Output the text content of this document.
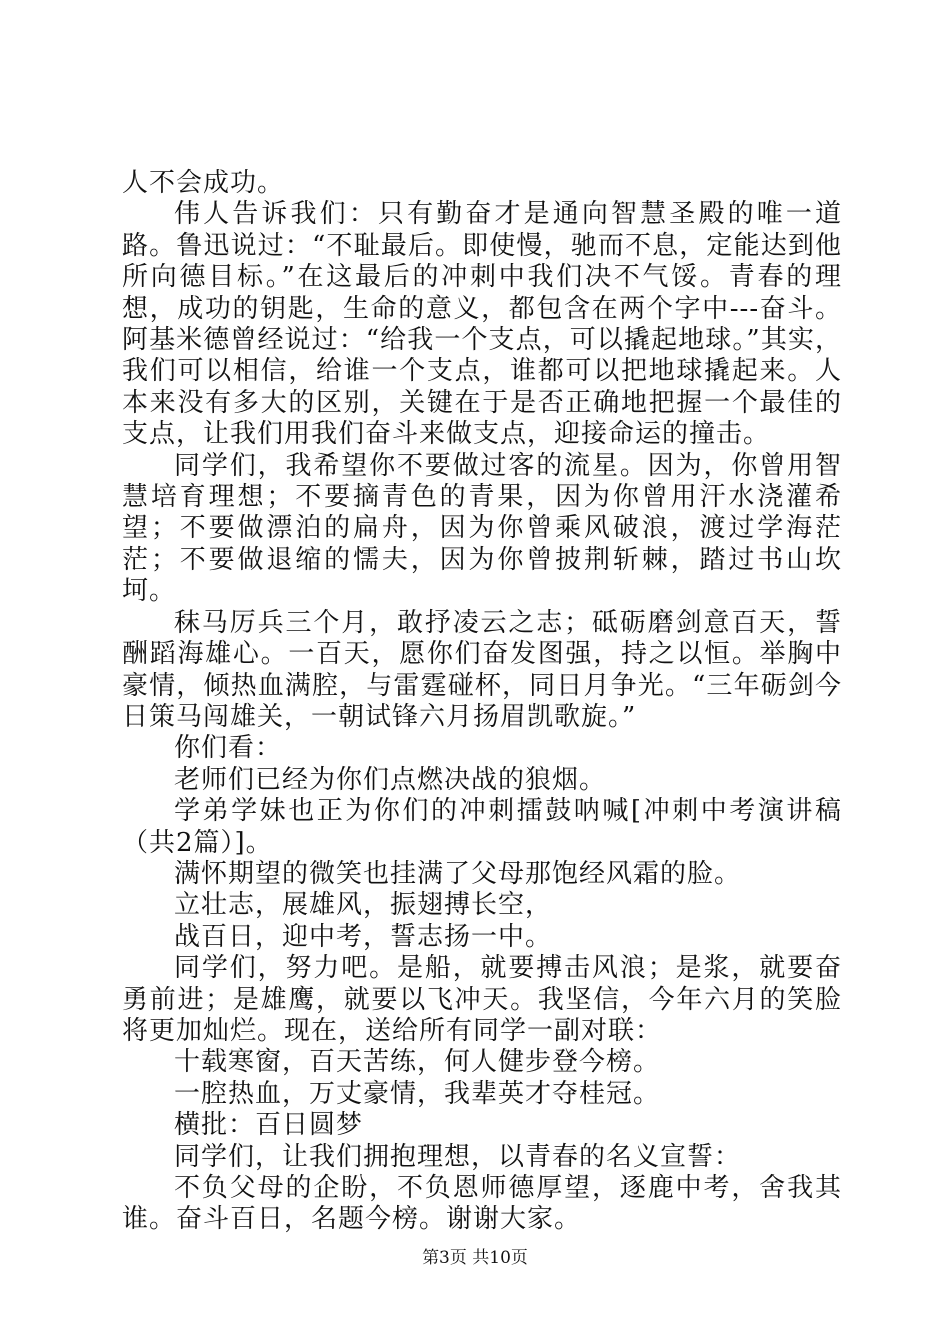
人不会成功。

伟人告诉我们：只有勤奋才是通向智慧圣殿的唯一道路。鲁迅说过：“不耻最后。即使慢，驰而不息，定能达到他所向德目标。”在这最后的冲刺中我们决不气馁。青春的理想，成功的钥匙，生命的意义，都包含在两个字中---奋斗。阿基米德曾经说过：“给我一个支点，可以撬起地球。”其实，我们可以相信，给谁一个支点，谁都可以把地球撬起来。人本来没有多大的区别，关键在于是否正确地把握一个最佳的支点，让我们用我们奋斗来做支点，迎接命运的撞击。

同学们，我希望你不要做过客的流星。因为，你曾用智慧培育理想；不要摘青色的青果，因为你曾用汗水浇灌希望；不要做漂泊的扁舟，因为你曾乘风破浪，渡过学海茫茫；不要做退缩的懦夫，因为你曾披荆斩棘，踏过书山坎坷。

秣马厉兵三个月，敢抒凌云之志；砥砺磨剑意百天，誓酬蹈海雄心。一百天，愿你们奋发图强，持之以恒。举胸中豪情，倾热血满腔，与雷霆碰杯，同日月争光。“三年砺剑今日策马闯雄关，一朝试锋六月扬眉凯歌旋。”

你们看：

老师们已经为你们点燃决战的狼烟。

学弟学妹也正为你们的冲刺擂鼓呐喊[冲刺中考演讲稿（共2篇）]。

满怀期望的微笑也挂满了父母那饱经风霜的脸。

立壮志，展雄风，振翅搏长空，

战百日，迎中考，誓志扬一中。

同学们，努力吧。是船，就要搏击风浪；是浆，就要奋勇前进；是雄鹰，就要以飞冲天。我坚信，今年六月的笑脸将更加灿烂。现在，送给所有同学一副对联：

十载寒窗，百天苦练，何人健步登今榜。

一腔热血，万丈豪情，我辈英才夺桂冠。

横批：百日圆梦

同学们，让我们拥抱理想，以青春的名义宣誓：

不负父母的企盼，不负恩师德厚望，逐鹿中考，舍我其谁。奋斗百日，名题今榜。谢谢大家。

第3页 共10页
